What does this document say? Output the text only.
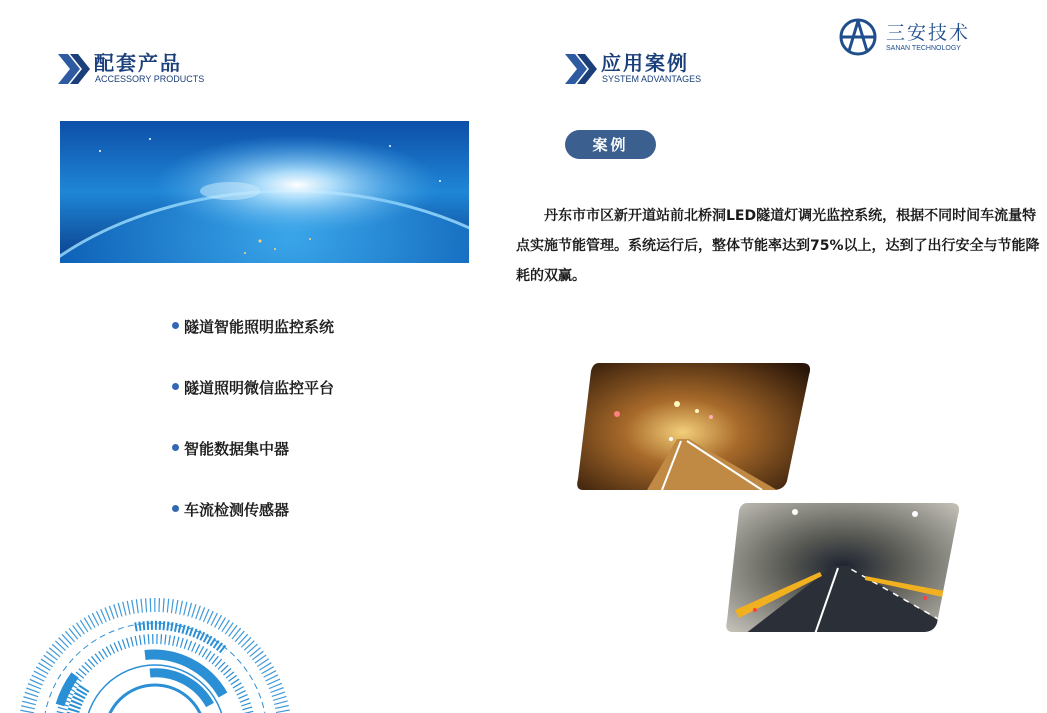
三安技术
SANAN TECHNOLOGY
配套产品
ACCESSORY PRODUCTS
应用案例
SYSTEM ADVANTAGES
隧道智能照明监控系统
隧道照明微信监控平台
智能数据集中器
车流检测传感器
案例

丹东市市区新开道站前北桥洞LED隧道灯调光监控系统，根据不同时间车流量特点实施节能管理。系统运行后，整体节能率达到75%以上，达到了出行安全与节能降耗的双赢。
